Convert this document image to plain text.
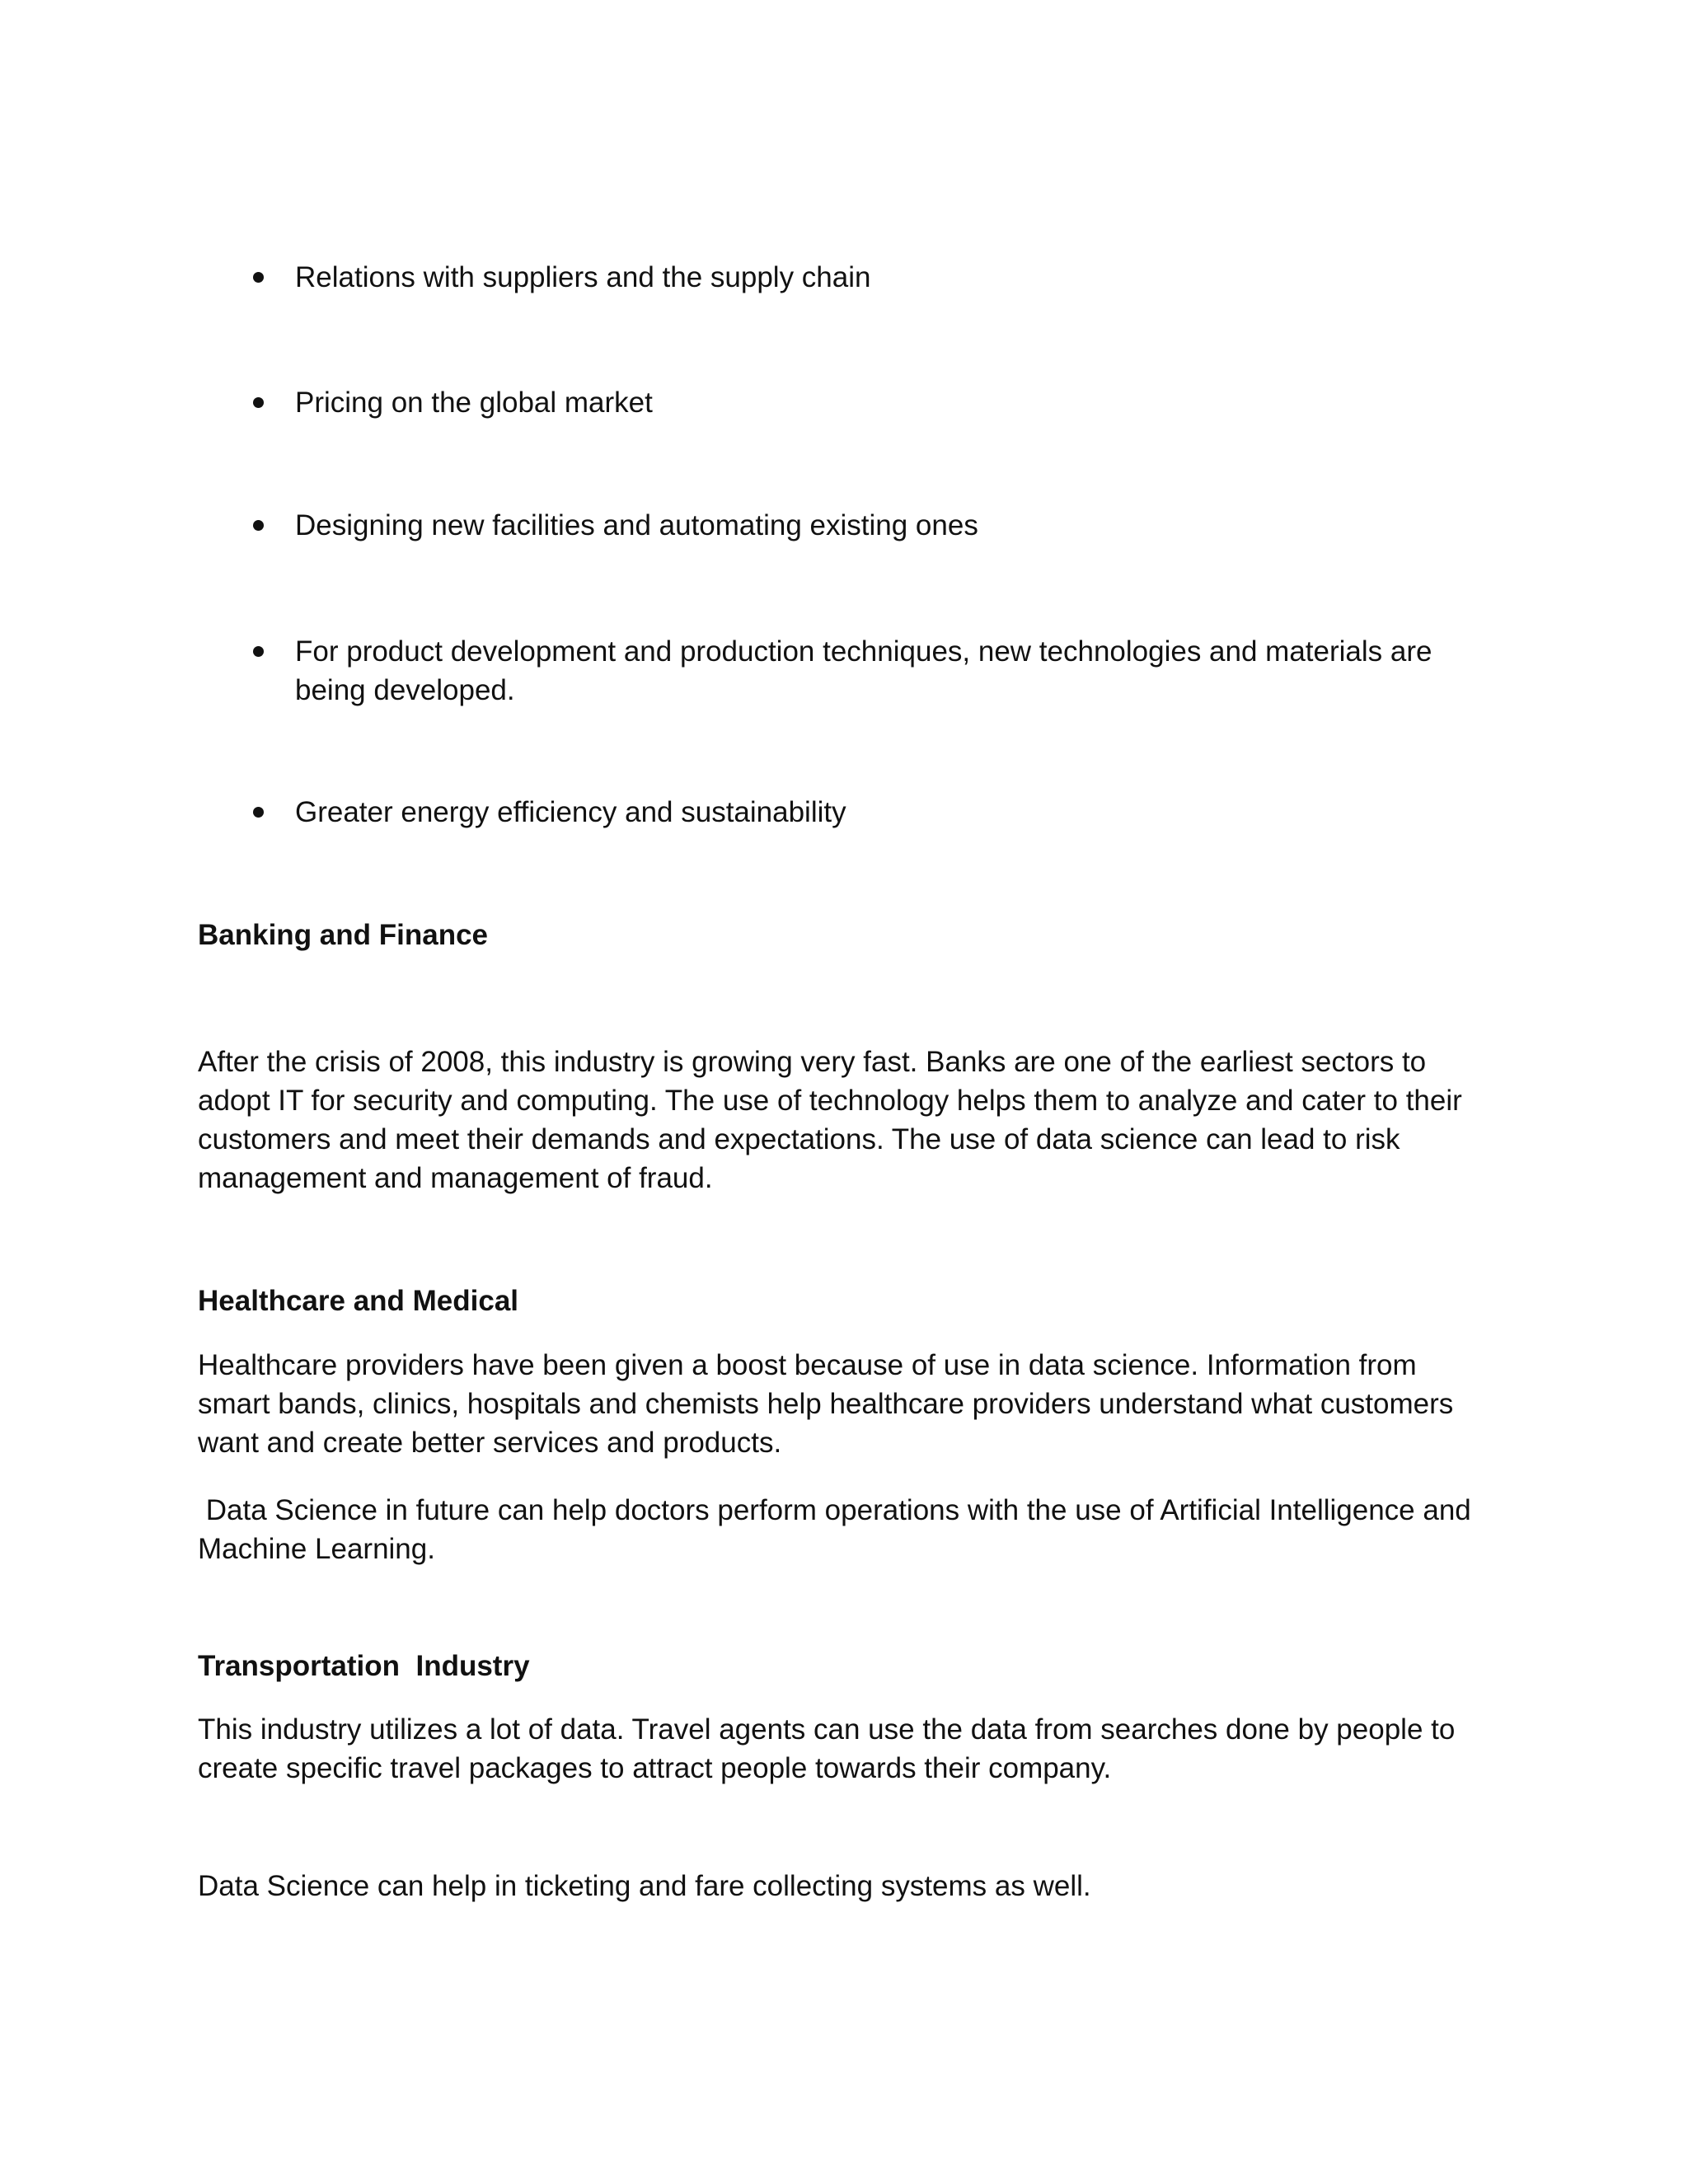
Relations with suppliers and the supply chain
Pricing on the global market
Designing new facilities and automating existing ones
For product development and production techniques, new technologies and materials are being developed.
Greater energy efficiency and sustainability
Banking and Finance
After the crisis of 2008, this industry is growing very fast. Banks are one of the earliest sectors to adopt IT for security and computing. The use of technology helps them to analyze and cater to their customers and meet their demands and expectations. The use of data science can lead to risk management and management of fraud.
Healthcare and Medical
Healthcare providers have been given a boost because of use in data science. Information from smart bands, clinics, hospitals and chemists help healthcare providers understand what customers want and create better services and products.
Data Science in future can help doctors perform operations with the use of Artificial Intelligence and Machine Learning.
Transportation  Industry
This industry utilizes a lot of data. Travel agents can use the data from searches done by people to create specific travel packages to attract people towards their company.
Data Science can help in ticketing and fare collecting systems as well.
